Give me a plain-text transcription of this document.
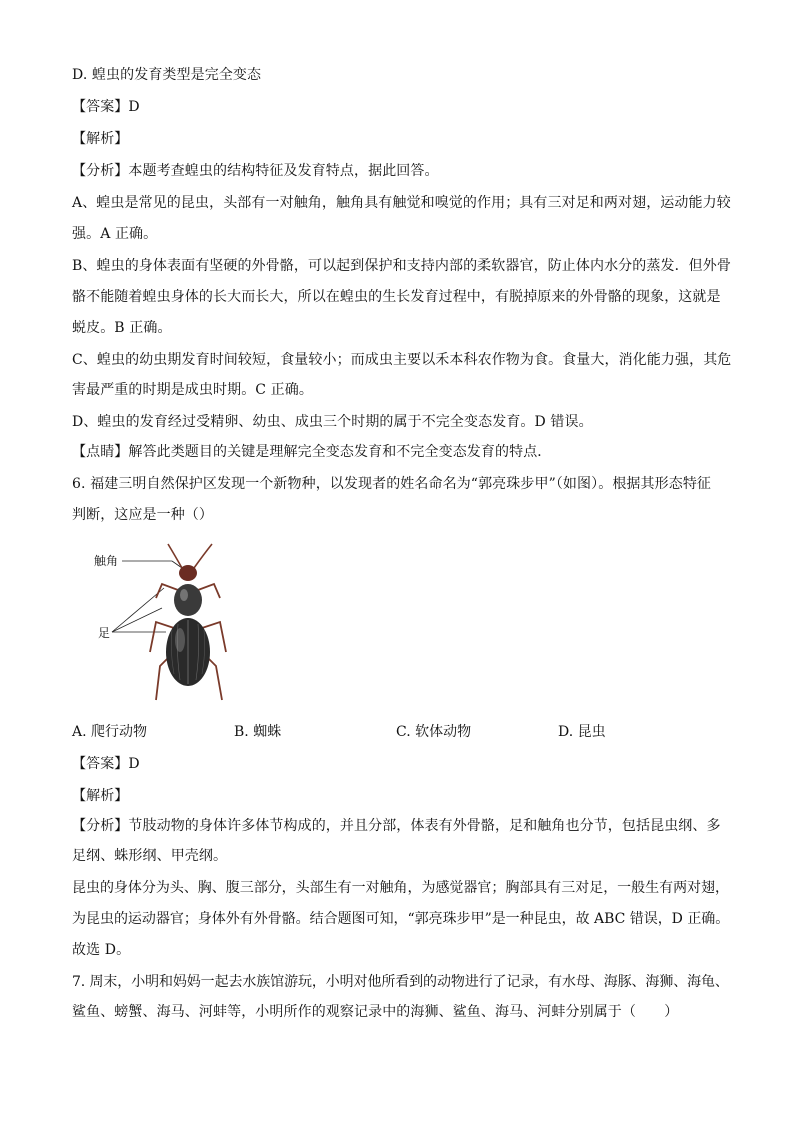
D. 蝗虫的发育类型是完全变态
【答案】D
【解析】
【分析】本题考查蝗虫的结构特征及发育特点，据此回答。
A、蝗虫是常见的昆虫，头部有一对触角，触角具有触觉和嗅觉的作用；具有三对足和两对翅，运动能力较
强。A 正确。
B、蝗虫的身体表面有坚硬的外骨骼，可以起到保护和支持内部的柔软器官，防止体内水分的蒸发．但外骨
骼不能随着蝗虫身体的长大而长大，所以在蝗虫的生长发育过程中，有脱掉原来的外骨骼的现象，这就是
蜕皮。B 正确。
C、蝗虫的幼虫期发育时间较短，食量较小；而成虫主要以禾本科农作物为食。食量大，消化能力强，其危
害最严重的时期是成虫时期。C 正确。
D、蝗虫的发育经过受精卵、幼虫、成虫三个时期的属于不完全变态发育。D 错误。
【点睛】解答此类题目的关键是理解完全变态发育和不完全变态发育的特点．
6. 福建三明自然保护区发现一个新物种，以发现者的姓名命名为“郭亮珠步甲”（如图）。根据其形态特征
判断，这应是一种（）
触角
足
A. 爬行动物	B. 蜘蛛	C. 软体动物	D. 昆虫
【答案】D
【解析】
【分析】节肢动物的身体许多体节构成的，并且分部，体表有外骨骼，足和触角也分节，包括昆虫纲、多
足纲、蛛形纲、甲壳纲。
昆虫的身体分为头、胸、腹三部分，头部生有一对触角，为感觉器官；胸部具有三对足，一般生有两对翅，
为昆虫的运动器官；身体外有外骨骼。结合题图可知，“郭亮珠步甲”是一种昆虫，故 ABC 错误，D 正确。
故选 D。
7. 周末，小明和妈妈一起去水族馆游玩，小明对他所看到的动物进行了记录，有水母、海豚、海狮、海龟、
鲨鱼、螃蟹、海马、河蚌等，小明所作的观察记录中的海狮、鲨鱼、海马、河蚌分别属于（　　）
